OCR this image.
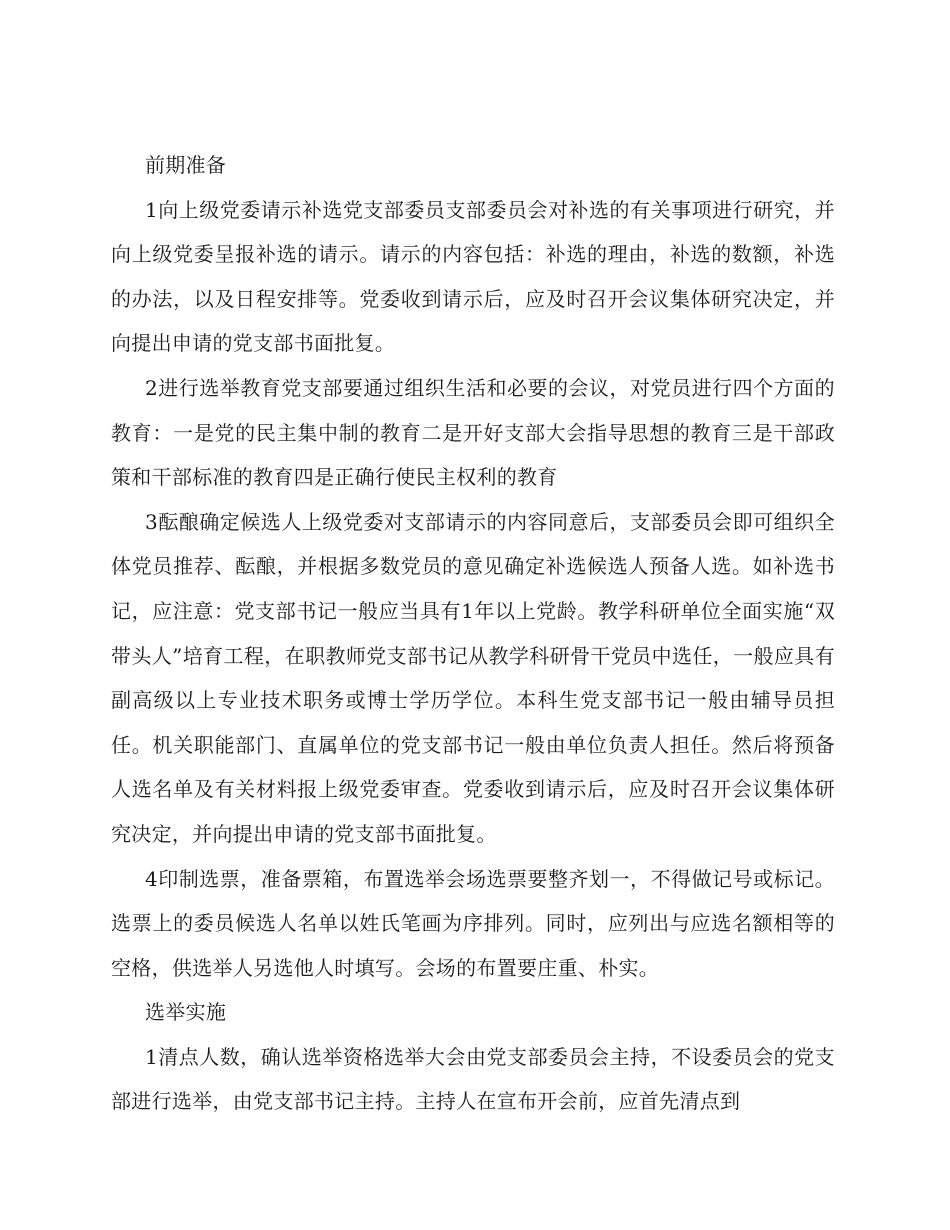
前期准备

1向上级党委请示补选党支部委员支部委员会对补选的有关事项进行研究，并向上级党委呈报补选的请示。请示的内容包括：补选的理由，补选的数额，补选的办法，以及日程安排等。党委收到请示后，应及时召开会议集体研究决定，并向提出申请的党支部书面批复。

2进行选举教育党支部要通过组织生活和必要的会议，对党员进行四个方面的教育：一是党的民主集中制的教育二是开好支部大会指导思想的教育三是干部政策和干部标准的教育四是正确行使民主权利的教育

3酝酿确定候选人上级党委对支部请示的内容同意后，支部委员会即可组织全体党员推荐、酝酿，并根据多数党员的意见确定补选候选人预备人选。如补选书记，应注意：党支部书记一般应当具有1年以上党龄。教学科研单位全面实施“双带头人”培育工程，在职教师党支部书记从教学科研骨干党员中选任，一般应具有副高级以上专业技术职务或博士学历学位。本科生党支部书记一般由辅导员担任。机关职能部门、直属单位的党支部书记一般由单位负责人担任。然后将预备人选名单及有关材料报上级党委审查。党委收到请示后，应及时召开会议集体研究决定，并向提出申请的党支部书面批复。

4印制选票，准备票箱，布置选举会场选票要整齐划一，不得做记号或标记。选票上的委员候选人名单以姓氏笔画为序排列。同时，应列出与应选名额相等的空格，供选举人另选他人时填写。会场的布置要庄重、朴实。

选举实施

1清点人数，确认选举资格选举大会由党支部委员会主持，不设委员会的党支部进行选举，由党支部书记主持。主持人在宣布开会前，应首先清点到
